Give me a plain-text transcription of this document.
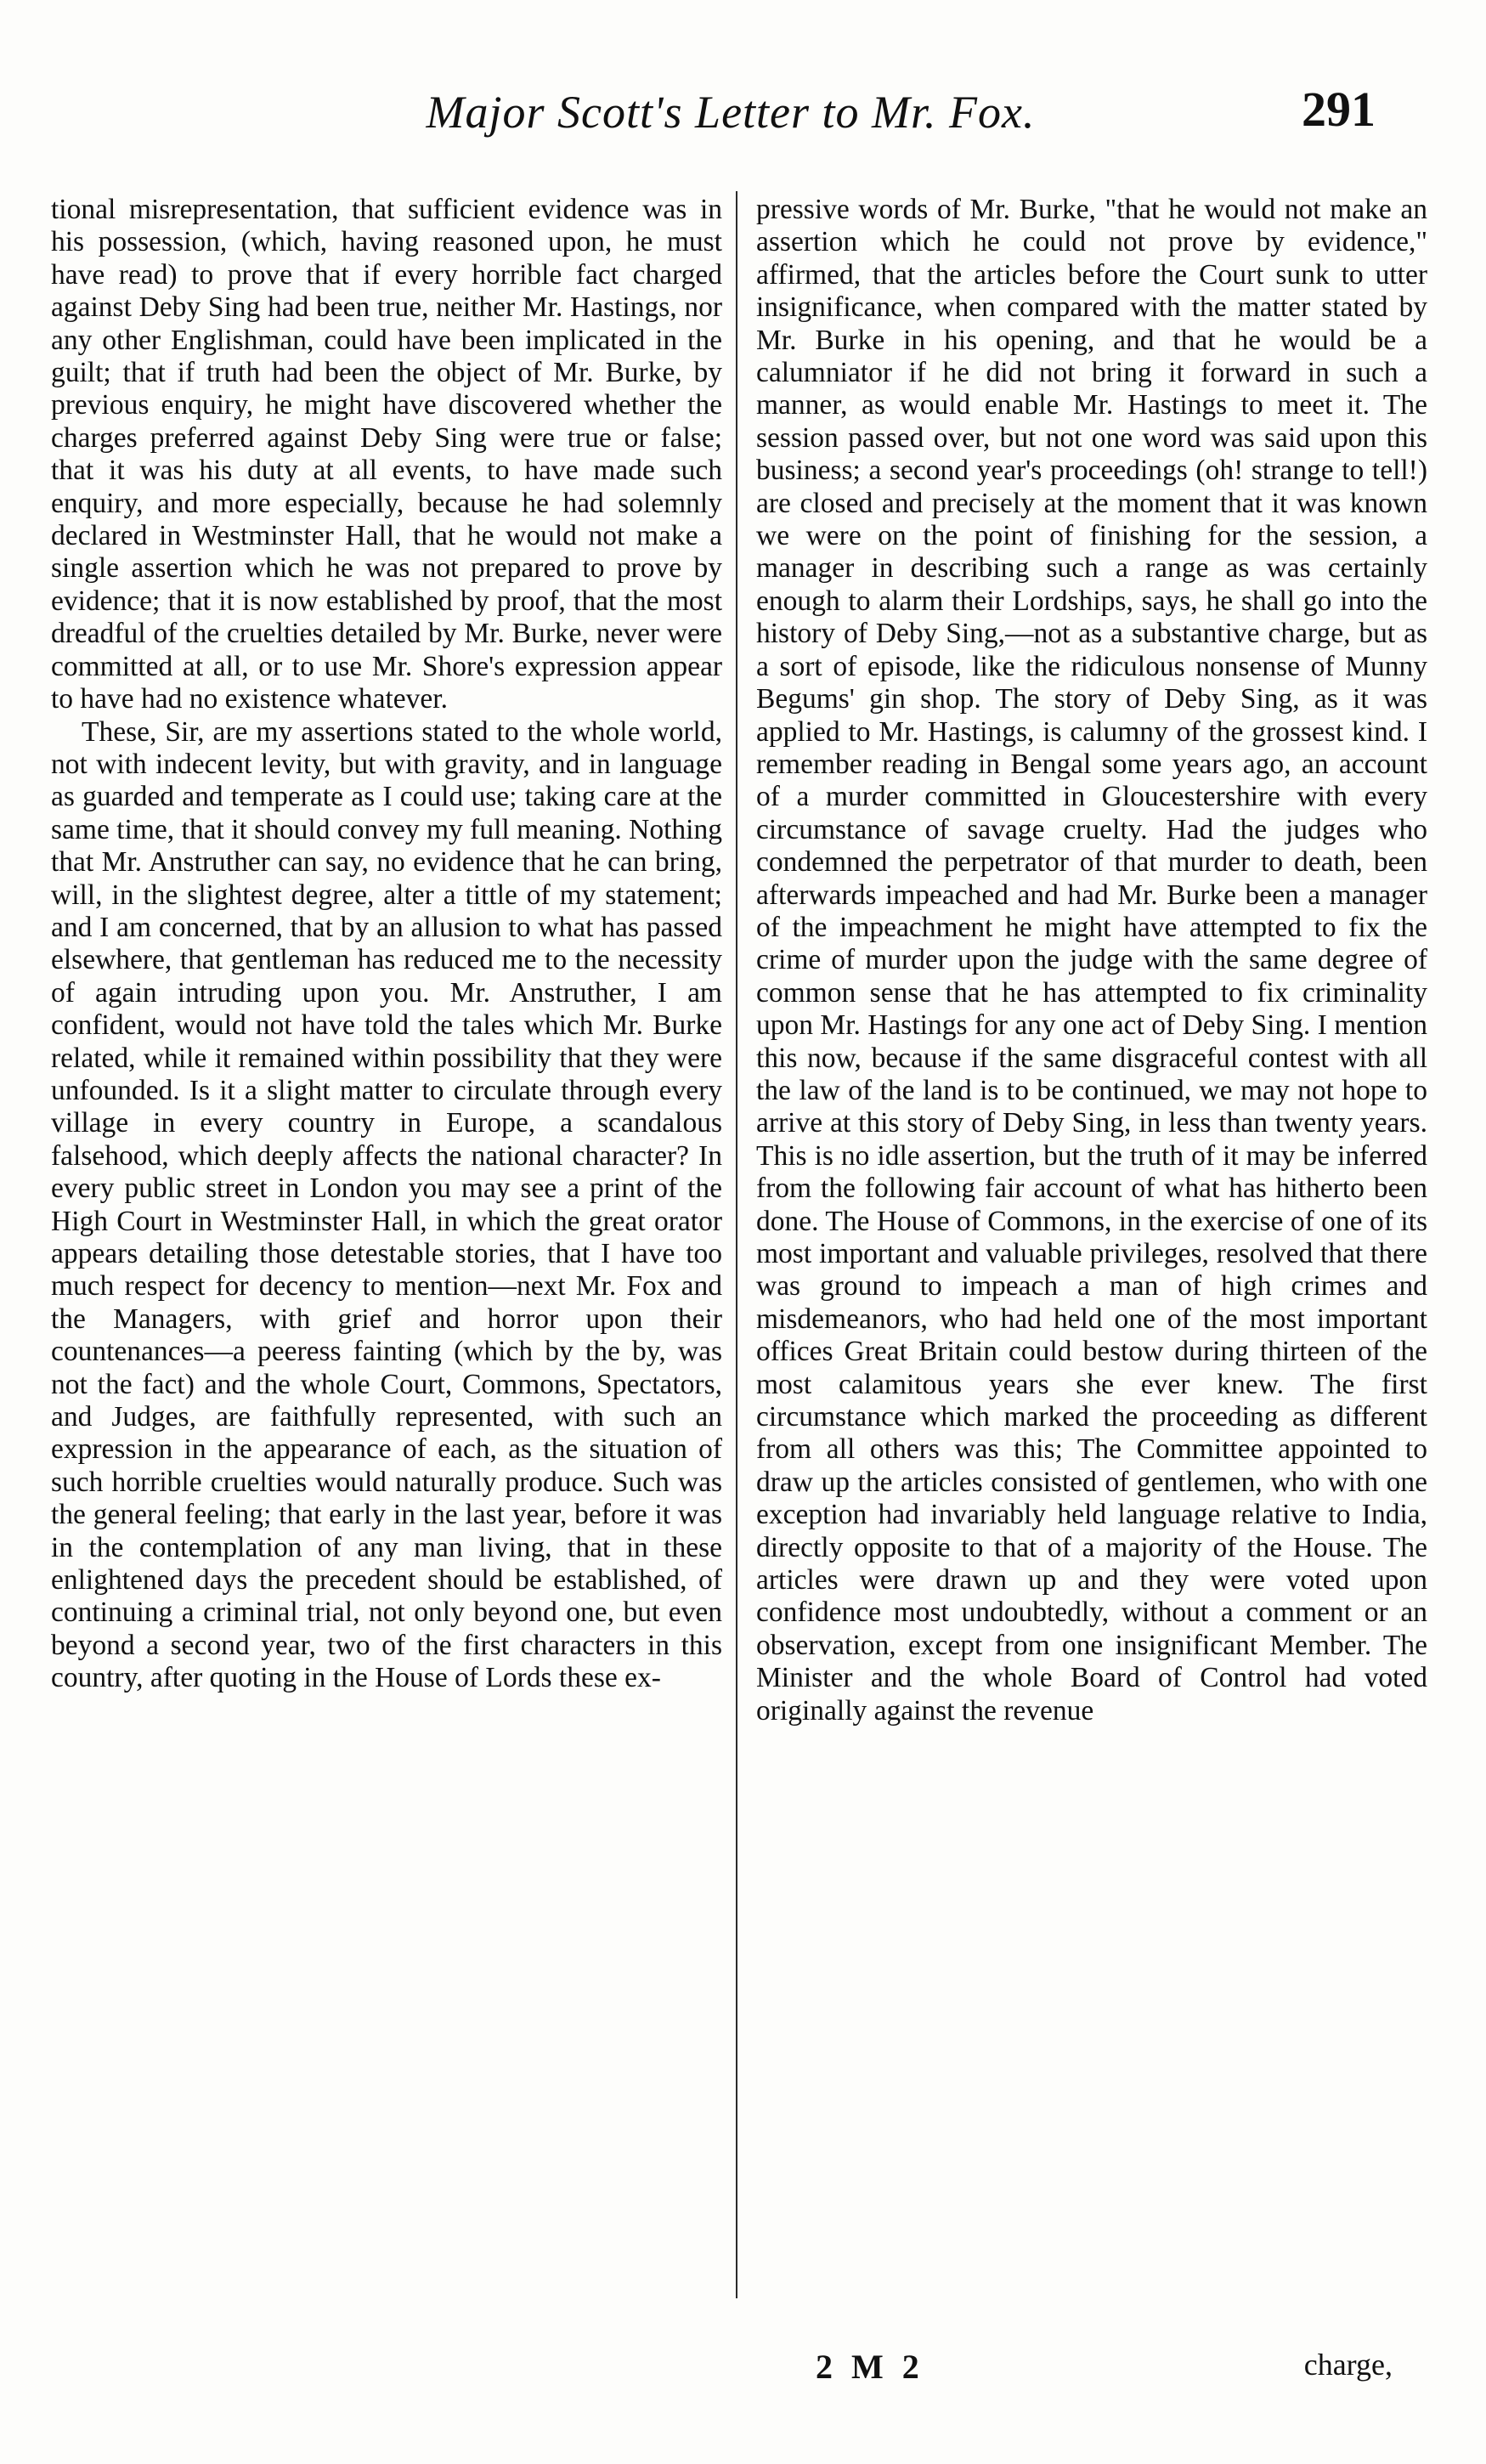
Major Scott's Letter to Mr. Fox.	291

tional misrepresentation, that sufficient evidence was in his possession, (which, having reasoned upon, he must have read) to prove that if every horrible fact charged against Deby Sing had been true, neither Mr. Hastings, nor any other Englishman, could have been implicated in the guilt; that if truth had been the object of Mr. Burke, by previous enquiry, he might have discovered whether the charges preferred against Deby Sing were true or false; that it was his duty at all events, to have made such enquiry, and more especially, because he had solemnly declared in Westminster Hall, that he would not make a single assertion which he was not prepared to prove by evidence; that it is now established by proof, that the most dreadful of the cruelties detailed by Mr. Burke, never were committed at all, or to use Mr. Shore's expression appear to have had no existence whatever.

These, Sir, are my assertions stated to the whole world, not with indecent levity, but with gravity, and in language as guarded and temperate as I could use; taking care at the same time, that it should convey my full meaning. Nothing that Mr. Anstruther can say, no evidence that he can bring, will, in the slightest degree, alter a tittle of my statement; and I am concerned, that by an allusion to what has passed elsewhere, that gentleman has reduced me to the necessity of again intruding upon you. Mr. Anstruther, I am confident, would not have told the tales which Mr. Burke related, while it remained within possibility that they were unfounded. Is it a slight matter to circulate through every village in every country in Europe, a scandalous falsehood, which deeply affects the national character? In every public street in London you may see a print of the High Court in Westminster Hall, in which the great orator appears detailing those detestable stories, that I have too much respect for decency to mention—next Mr. Fox and the Managers, with grief and horror upon their countenances—a peeress fainting (which by the by, was not the fact) and the whole Court, Commons, Spectators, and Judges, are faithfully represented, with such an expression in the appearance of each, as the situation of such horrible cruelties would naturally produce. Such was the general feeling; that early in the last year, before it was in the contemplation of any man living, that in these enlightened days the precedent should be established, of continuing a criminal trial, not only beyond one, but even beyond a second year, two of the first characters in this country, after quoting in the House of Lords these ex-

pressive words of Mr. Burke, "that he would not make an assertion which he could not prove by evidence," affirmed, that the articles before the Court sunk to utter insignificance, when compared with the matter stated by Mr. Burke in his opening, and that he would be a calumniator if he did not bring it forward in such a manner, as would enable Mr. Hastings to meet it. The session passed over, but not one word was said upon this business; a second year's proceedings (oh! strange to tell!) are closed and precisely at the moment that it was known we were on the point of finishing for the session, a manager in describing such a range as was certainly enough to alarm their Lordships, says, he shall go into the history of Deby Sing,—not as a substantive charge, but as a sort of episode, like the ridiculous nonsense of Munny Begums' gin shop. The story of Deby Sing, as it was applied to Mr. Hastings, is calumny of the grossest kind. I remember reading in Bengal some years ago, an account of a murder committed in Gloucestershire with every circumstance of savage cruelty. Had the judges who condemned the perpetrator of that murder to death, been afterwards impeached and had Mr. Burke been a manager of the impeachment he might have attempted to fix the crime of murder upon the judge with the same degree of common sense that he has attempted to fix criminality upon Mr. Hastings for any one act of Deby Sing. I mention this now, because if the same disgraceful contest with all the law of the land is to be continued, we may not hope to arrive at this story of Deby Sing, in less than twenty years. This is no idle assertion, but the truth of it may be inferred from the following fair account of what has hitherto been done. The House of Commons, in the exercise of one of its most important and valuable privileges, resolved that there was ground to impeach a man of high crimes and misdemeanors, who had held one of the most important offices Great Britain could bestow during thirteen of the most calamitous years she ever knew. The first circumstance which marked the proceeding as different from all others was this; The Committee appointed to draw up the articles consisted of gentlemen, who with one exception had invariably held language relative to India, directly opposite to that of a majority of the House. The articles were drawn up and they were voted upon confidence most undoubtedly, without a comment or an observation, except from one insignificant Member. The Minister and the whole Board of Control had voted originally against the revenue

2 M 2	charge,
